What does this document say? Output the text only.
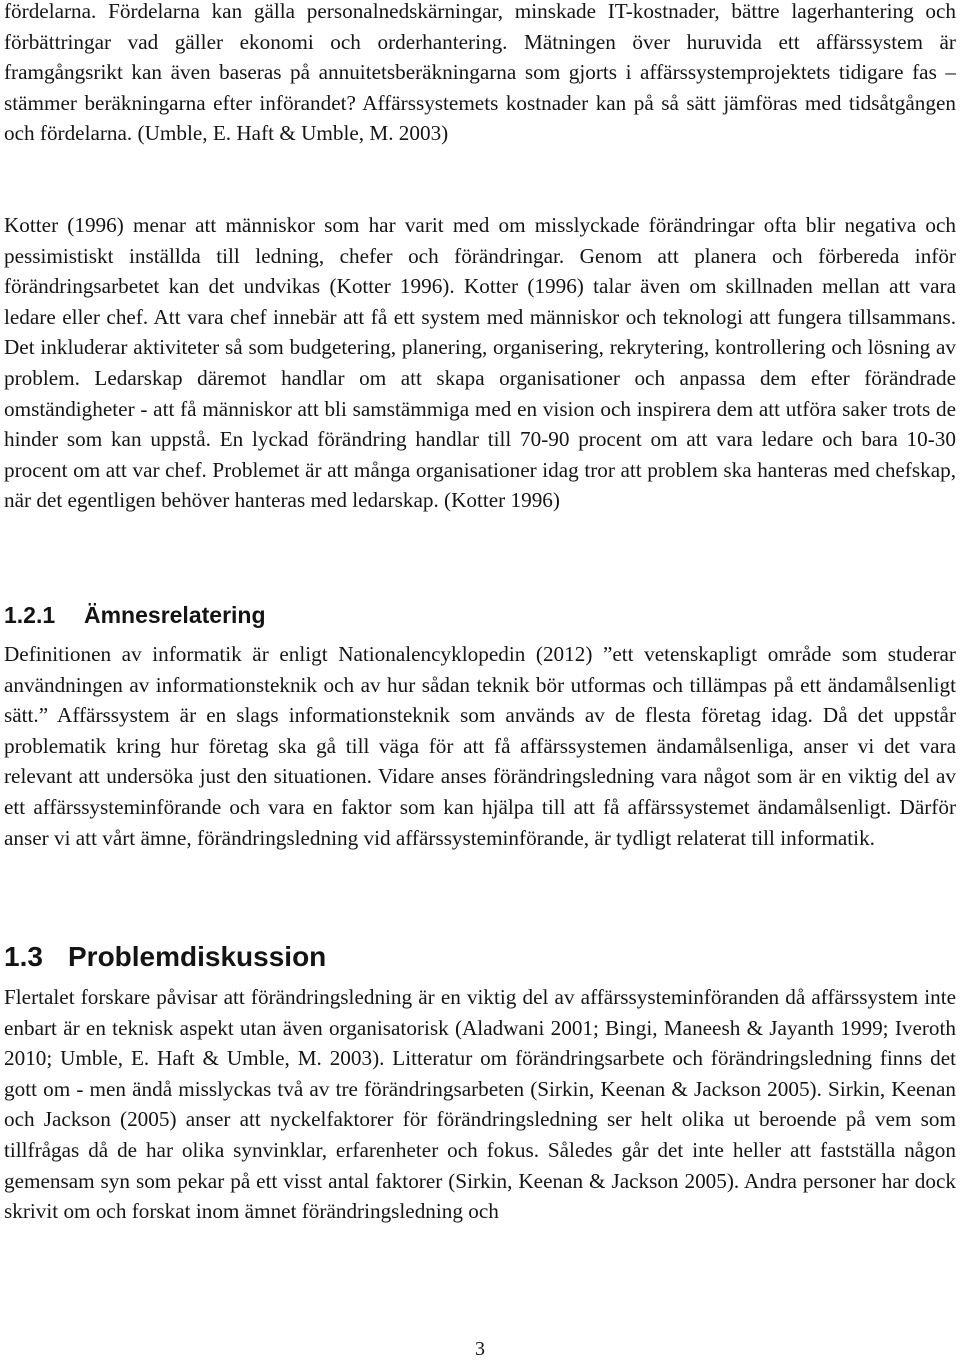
fördelarna. Fördelarna kan gälla personalnedskärningar, minskade IT-kostnader, bättre lagerhantering och förbättringar vad gäller ekonomi och orderhantering. Mätningen över huruvida ett affärssystem är framgångsrikt kan även baseras på annuitetsberäkningarna som gjorts i affärssystemprojektets tidigare fas – stämmer beräkningarna efter införandet? Affärssystemets kostnader kan på så sätt jämföras med tidsåtgången och fördelarna. (Umble, E. Haft & Umble, M. 2003)

Kotter (1996) menar att människor som har varit med om misslyckade förändringar ofta blir negativa och pessimistiskt inställda till ledning, chefer och förändringar. Genom att planera och förbereda inför förändringsarbetet kan det undvikas (Kotter 1996). Kotter (1996) talar även om skillnaden mellan att vara ledare eller chef. Att vara chef innebär att få ett system med människor och teknologi att fungera tillsammans. Det inkluderar aktiviteter så som budgetering, planering, organisering, rekrytering, kontrollering och lösning av problem. Ledarskap däremot handlar om att skapa organisationer och anpassa dem efter förändrade omständigheter - att få människor att bli samstämmiga med en vision och inspirera dem att utföra saker trots de hinder som kan uppstå. En lyckad förändring handlar till 70-90 procent om att vara ledare och bara 10-30 procent om att var chef. Problemet är att många organisationer idag tror att problem ska hanteras med chefskap, när det egentligen behöver hanteras med ledarskap. (Kotter 1996)

1.2.1 Ämnesrelatering

Definitionen av informatik är enligt Nationalencyklopedin (2012) ”ett vetenskapligt område som studerar användningen av informationsteknik och av hur sådan teknik bör utformas och tillämpas på ett ändamålsenligt sätt.” Affärssystem är en slags informationsteknik som används av de flesta företag idag. Då det uppstår problematik kring hur företag ska gå till väga för att få affärssystemen ändamålsenliga, anser vi det vara relevant att undersöka just den situationen. Vidare anses förändringsledning vara något som är en viktig del av ett affärssysteminförande och vara en faktor som kan hjälpa till att få affärssystemet ändamålsenligt. Därför anser vi att vårt ämne, förändringsledning vid affärssysteminförande, är tydligt relaterat till informatik.

1.3 Problemdiskussion

Flertalet forskare påvisar att förändringsledning är en viktig del av affärssysteminföranden då affärssystem inte enbart är en teknisk aspekt utan även organisatorisk (Aladwani 2001; Bingi, Maneesh & Jayanth 1999; Iveroth 2010; Umble, E. Haft & Umble, M. 2003). Litteratur om förändringsarbete och förändringsledning finns det gott om - men ändå misslyckas två av tre förändringsarbeten (Sirkin, Keenan & Jackson 2005). Sirkin, Keenan och Jackson (2005) anser att nyckelfaktorer för förändringsledning ser helt olika ut beroende på vem som tillfrågas då de har olika synvinklar, erfarenheter och fokus. Således går det inte heller att fastställa någon gemensam syn som pekar på ett visst antal faktorer (Sirkin, Keenan & Jackson 2005). Andra personer har dock skrivit om och forskat inom ämnet förändringsledning och

3
